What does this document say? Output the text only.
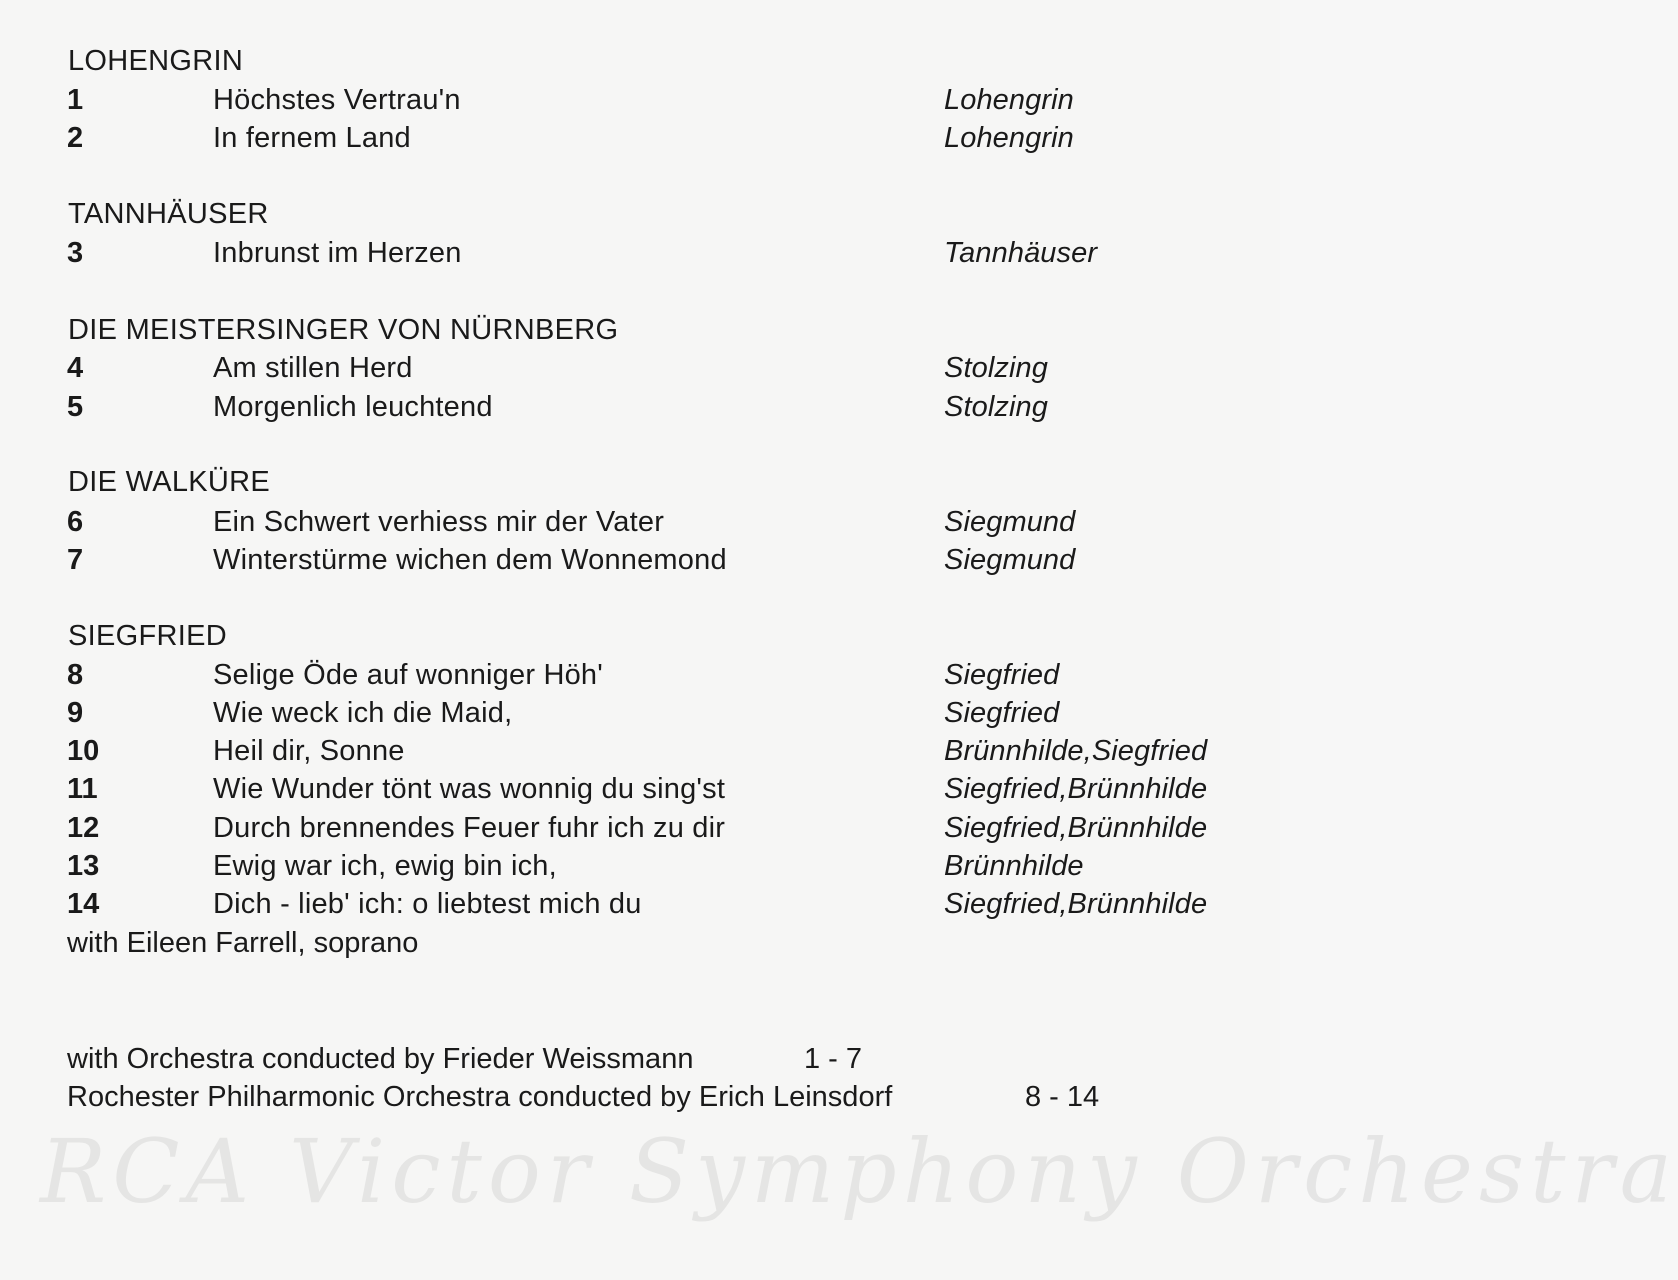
LOHENGRIN
1	Höchstes Vertrau'n	Lohengrin
2	In fernem Land	Lohengrin
TANNHÄUSER
3	Inbrunst im Herzen	Tannhäuser
DIE MEISTERSINGER VON NÜRNBERG
4	Am stillen Herd	Stolzing
5	Morgenlich leuchtend	Stolzing
DIE WALKÜRE
6	Ein Schwert verhiess mir der Vater	Siegmund
7	Winterstürme wichen dem Wonnemond	Siegmund
SIEGFRIED
8	Selige Öde auf wonniger Höh'	Siegfried
9	Wie weck ich die Maid,	Siegfried
10	Heil dir, Sonne	Brünnhilde,Siegfried
11	Wie Wunder tönt was wonnig du sing'st	Siegfried,Brünnhilde
12	Durch brennendes Feuer fuhr ich zu dir	Siegfried,Brünnhilde
13	Ewig war ich, ewig bin ich,	Brünnhilde
14	Dich - lieb' ich: o liebtest mich du	Siegfried,Brünnhilde
with Eileen Farrell, soprano

with Orchestra conducted by Frieder Weissmann	1 - 7
Rochester Philharmonic Orchestra conducted by Erich Leinsdorf	8 - 14
RCA Victor Symphony Orchestra
